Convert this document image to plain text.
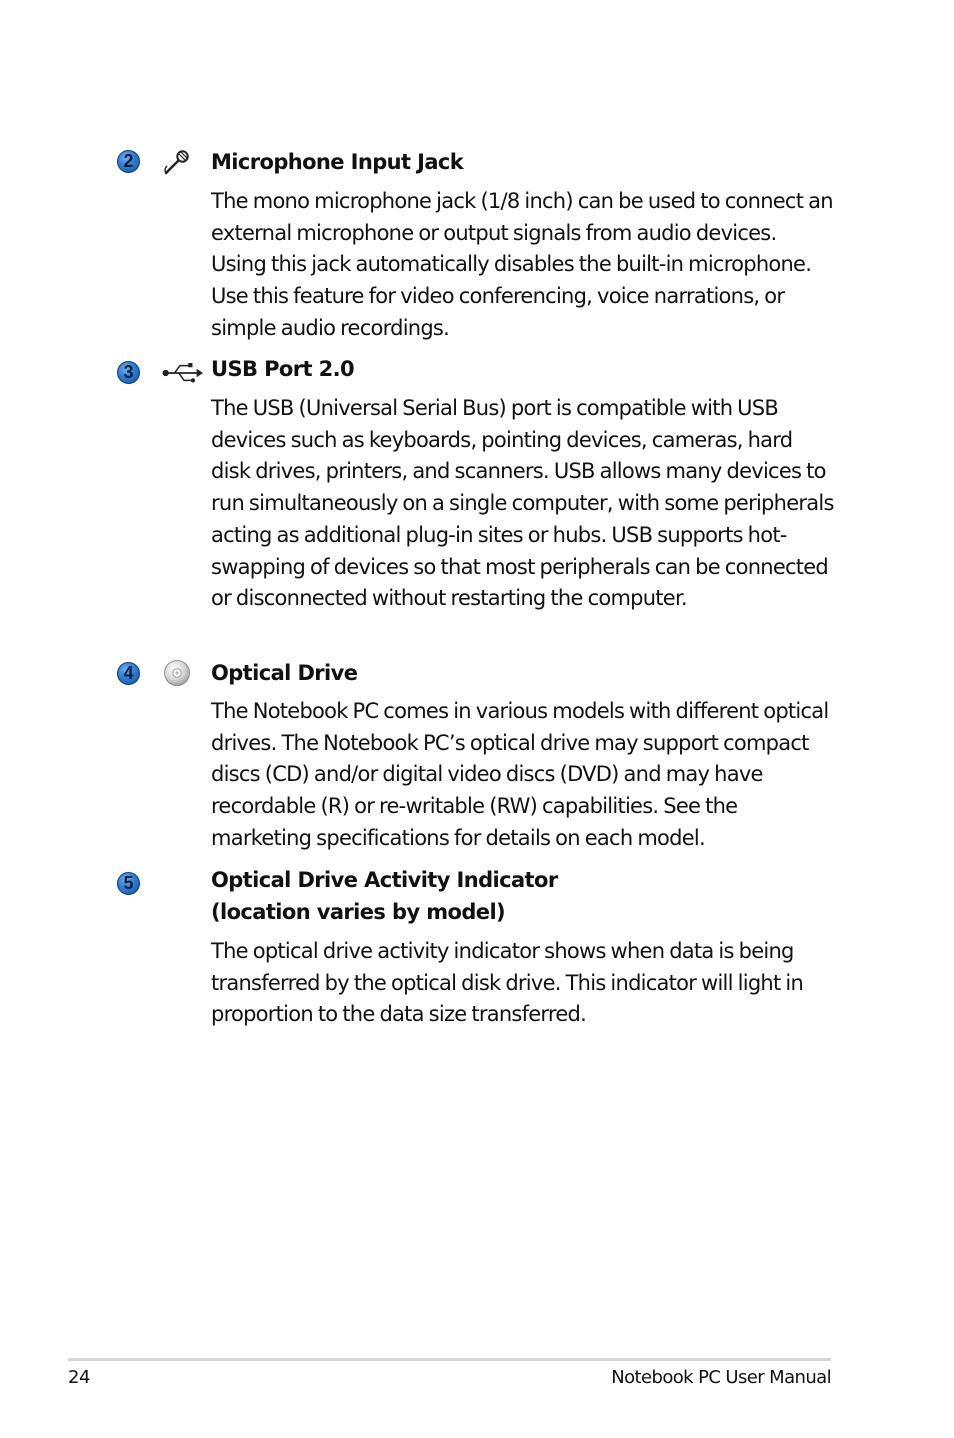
2	Microphone Input Jack

The mono microphone jack (1/8 inch) can be used to connect an external microphone or output signals from audio devices. Using this jack automatically disables the built-in microphone. Use this feature for video conferencing, voice narrations, or simple audio recordings.

3	USB Port 2.0

The USB (Universal Serial Bus) port is compatible with USB devices such as keyboards, pointing devices, cameras, hard disk drives, printers, and scanners. USB allows many devices to run simultaneously on a single computer, with some peripherals acting as additional plug-in sites or hubs. USB supports hot-swapping of devices so that most peripherals can be connected or disconnected without restarting the computer.

4	Optical Drive

The Notebook PC comes in various models with different optical drives. The Notebook PC’s optical drive may support compact discs (CD) and/or digital video discs (DVD) and may have recordable (R) or re-writable (RW) capabilities. See the marketing specifications for details on each model.

5	Optical Drive Activity Indicator
(location varies by model)

The optical drive activity indicator shows when data is being transferred by the optical disk drive. This indicator will light in proportion to the data size transferred.

24	Notebook PC User Manual
